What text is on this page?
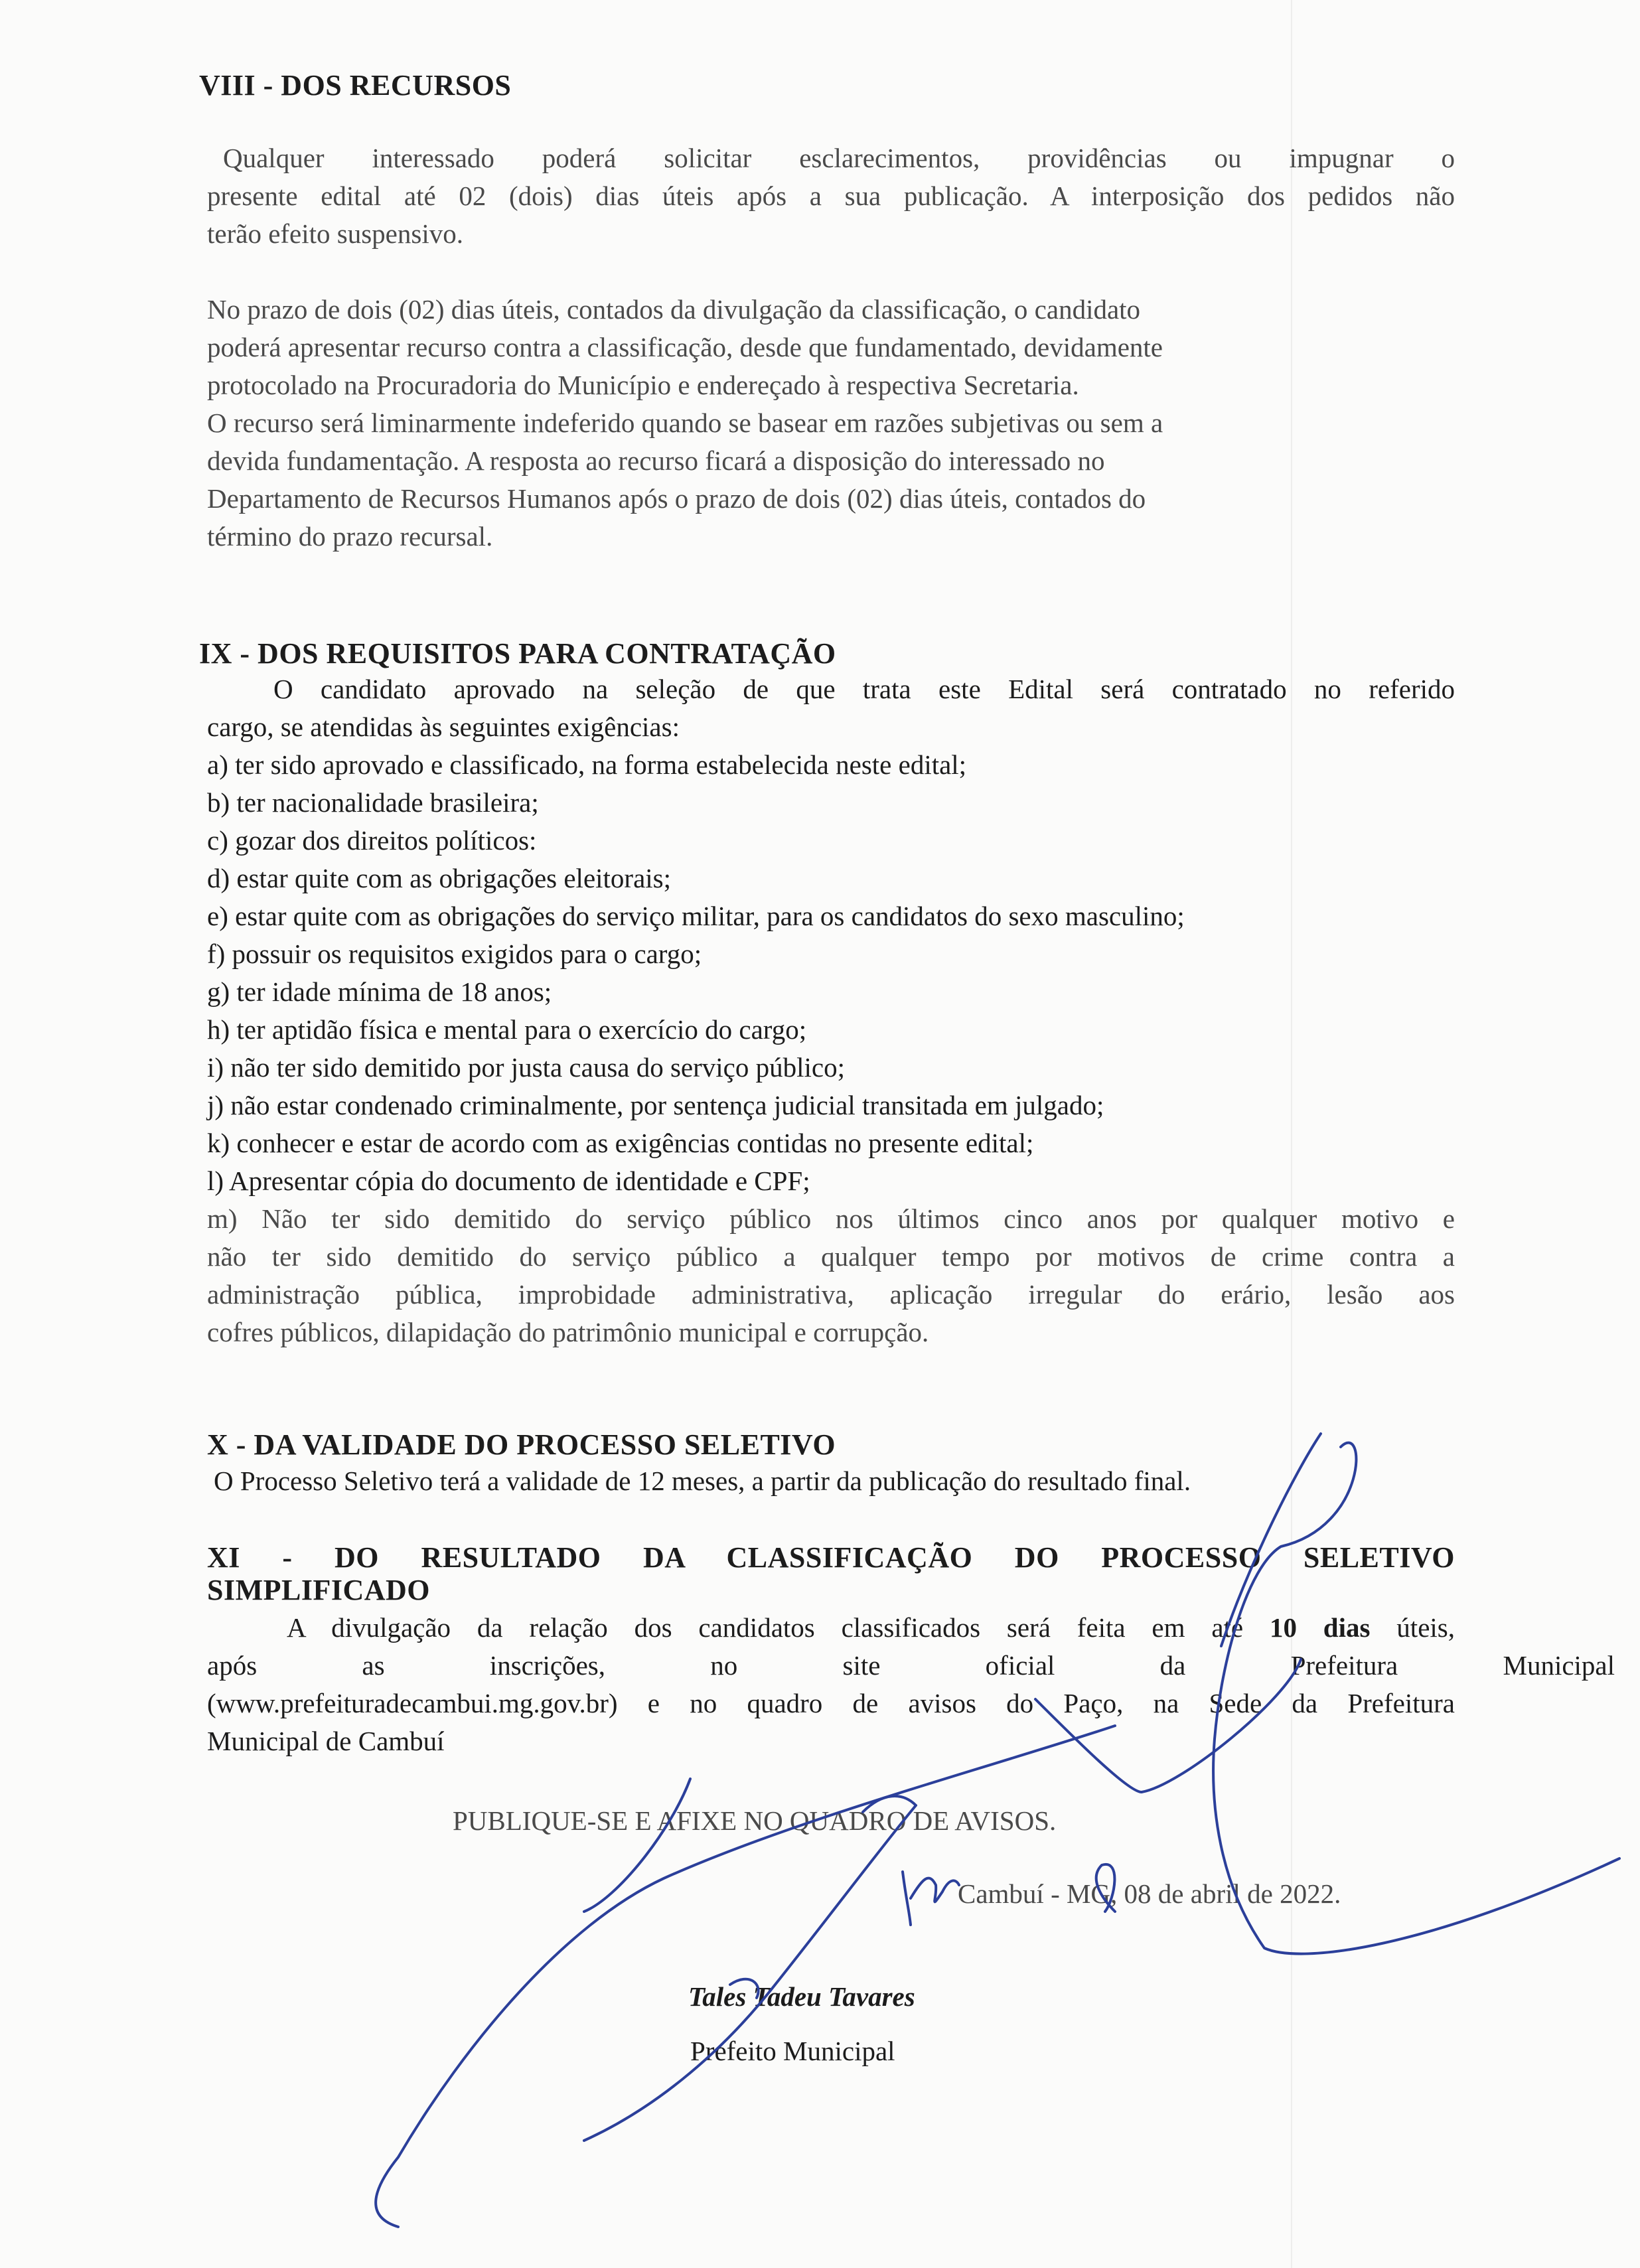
VIII - DOS RECURSOS
Qualquer interessado poderá solicitar esclarecimentos, providências ou impugnar o
presente edital até 02 (dois) dias úteis após a sua publicação. A interposição dos pedidos não
terão efeito suspensivo.
No prazo de dois (02) dias úteis, contados da divulgação da classificação, o candidato
poderá apresentar recurso contra a classificação, desde que fundamentado, devidamente
protocolado na Procuradoria do Município e endereçado à respectiva Secretaria.
O recurso será liminarmente indeferido quando se basear em razões subjetivas ou sem a
devida fundamentação. A resposta ao recurso ficará a disposição do interessado no
Departamento de Recursos Humanos após o prazo de dois (02) dias úteis, contados do
término do prazo recursal.
IX - DOS REQUISITOS PARA CONTRATAÇÃO
O candidato aprovado na seleção de que trata este Edital será contratado no referido
cargo, se atendidas às seguintes exigências:
a) ter sido aprovado e classificado, na forma estabelecida neste edital;
b) ter nacionalidade brasileira;
c) gozar dos direitos políticos:
d) estar quite com as obrigações eleitorais;
e) estar quite com as obrigações do serviço militar, para os candidatos do sexo masculino;
f) possuir os requisitos exigidos para o cargo;
g) ter idade mínima de 18 anos;
h) ter aptidão física e mental para o exercício do cargo;
i) não ter sido demitido por justa causa do serviço público;
j) não estar condenado criminalmente, por sentença judicial transitada em julgado;
k) conhecer e estar de acordo com as exigências contidas no presente edital;
l) Apresentar cópia do documento de identidade e CPF;
m) Não ter sido demitido do serviço público nos últimos cinco anos por qualquer motivo e
não ter sido demitido do serviço público a qualquer tempo por motivos de crime contra a
administração pública, improbidade administrativa, aplicação irregular do erário, lesão aos
cofres públicos, dilapidação do patrimônio municipal e corrupção.
X - DA VALIDADE DO PROCESSO SELETIVO
O Processo Seletivo terá a validade de 12 meses, a partir da publicação do resultado final.
XI - DO RESULTADO DA CLASSIFICAÇÃO DO PROCESSO SELETIVO
SIMPLIFICADO
A divulgação da relação dos candidatos classificados será feita em até 10 dias úteis,
após as inscrições, no site oficial da Prefeitura Municipal
(www.prefeituradecambui.mg.gov.br) e no quadro de avisos do Paço, na Sede da Prefeitura
Municipal de Cambuí
PUBLIQUE-SE E AFIXE NO QUADRO DE AVISOS.
Cambuí - MG, 08 de abril de 2022.
Tales Tadeu Tavares
Prefeito Municipal
